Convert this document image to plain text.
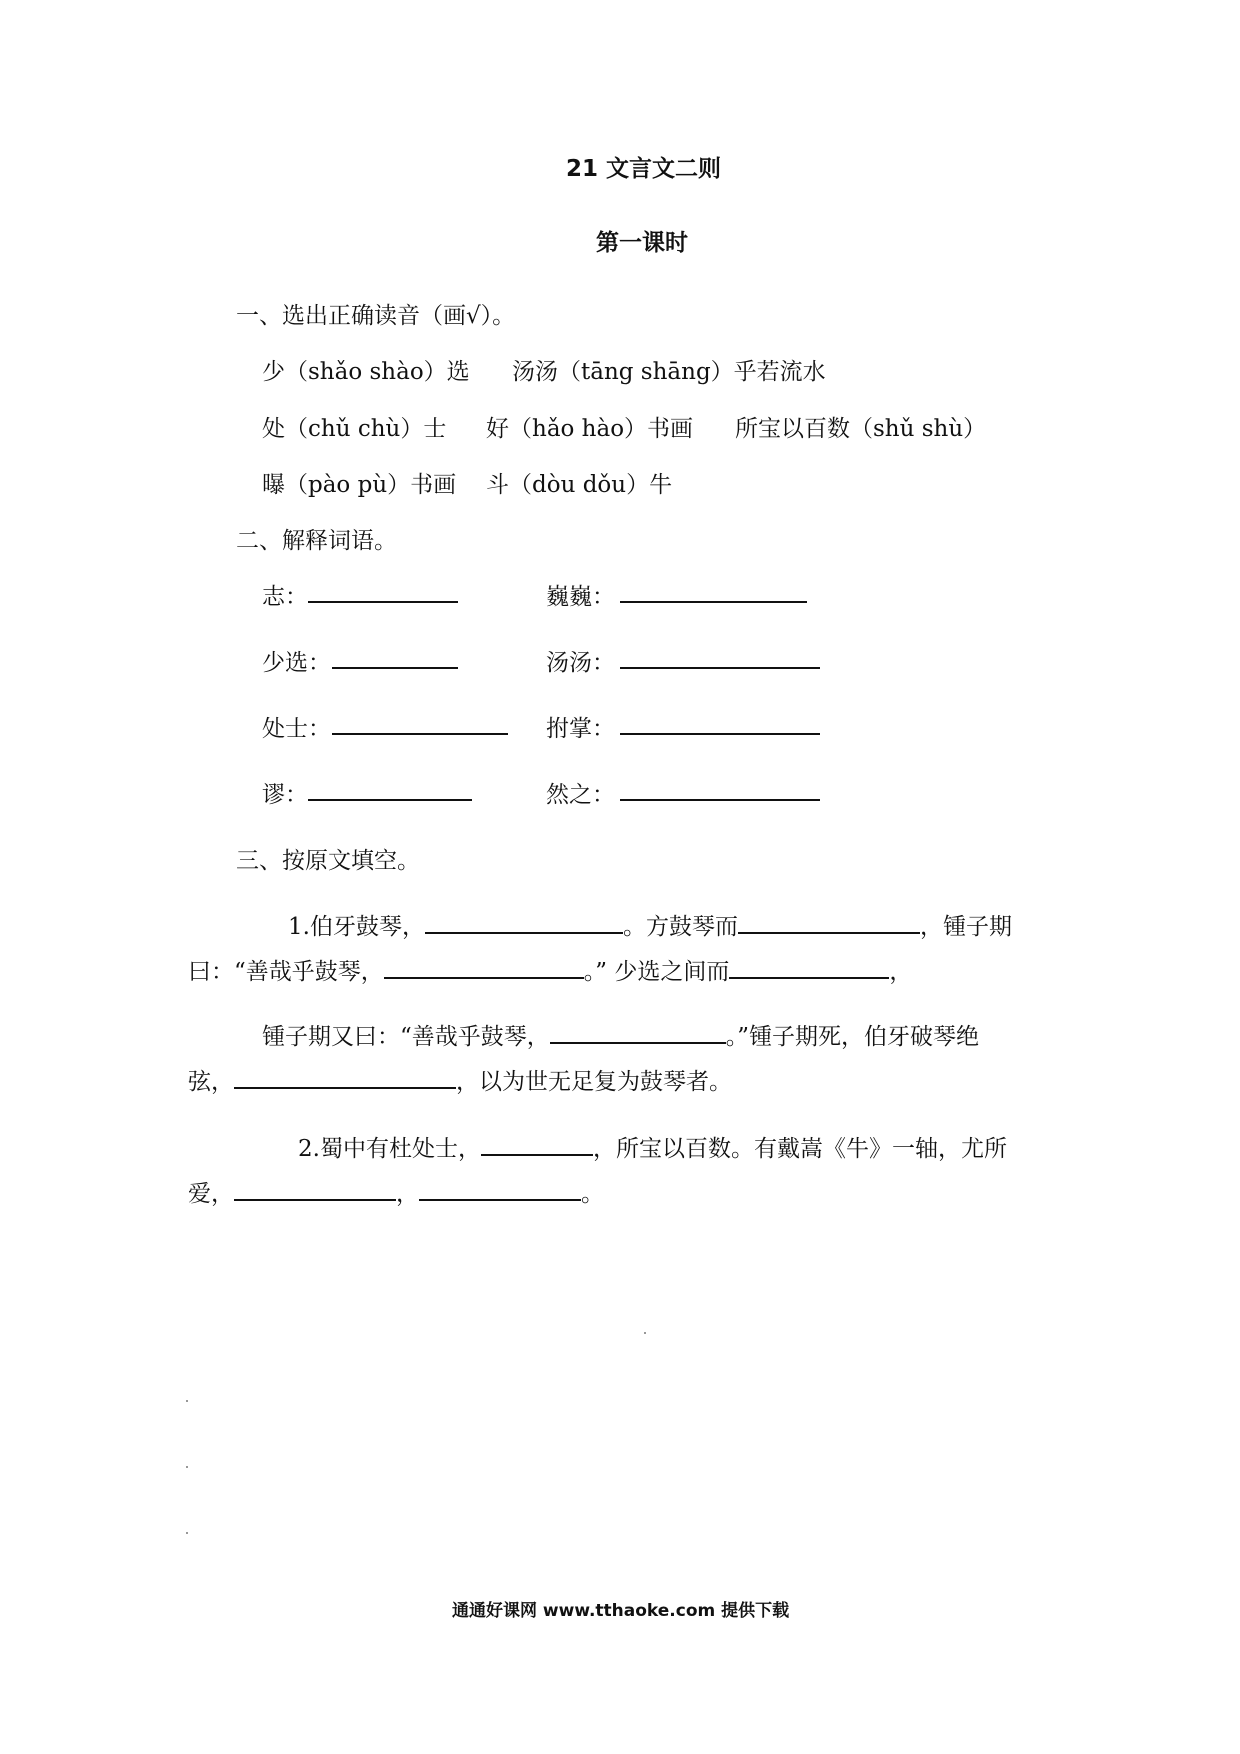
21 文言文二则
第一课时
一、选出正确读音（画√）。
少（shǎo shào）选 汤汤（tāng shāng）乎若流水
处（chǔ chù）士 好（hǎo hào）书画 所宝以百数（shǔ shù）
曝（pào pù）书画 斗（dòu dǒu）牛
二、解释词语。
志：	巍巍：
少选：	汤汤：
处士：	拊掌：
谬：	然之：
三、按原文填空。
1.伯牙鼓琴，	。方鼓琴而	，锺子期
曰：“善哉乎鼓琴，	。” 少选之间而	，
锺子期又曰：“善哉乎鼓琴，	。”锺子期死，伯牙破琴绝
弦，	，以为世无足复为鼓琴者。
2.蜀中有杜处士，	，所宝以百数。有戴嵩《牛》一轴，尤所
爱，	，	。
通通好课网 www.tthaoke.com 提供下载
